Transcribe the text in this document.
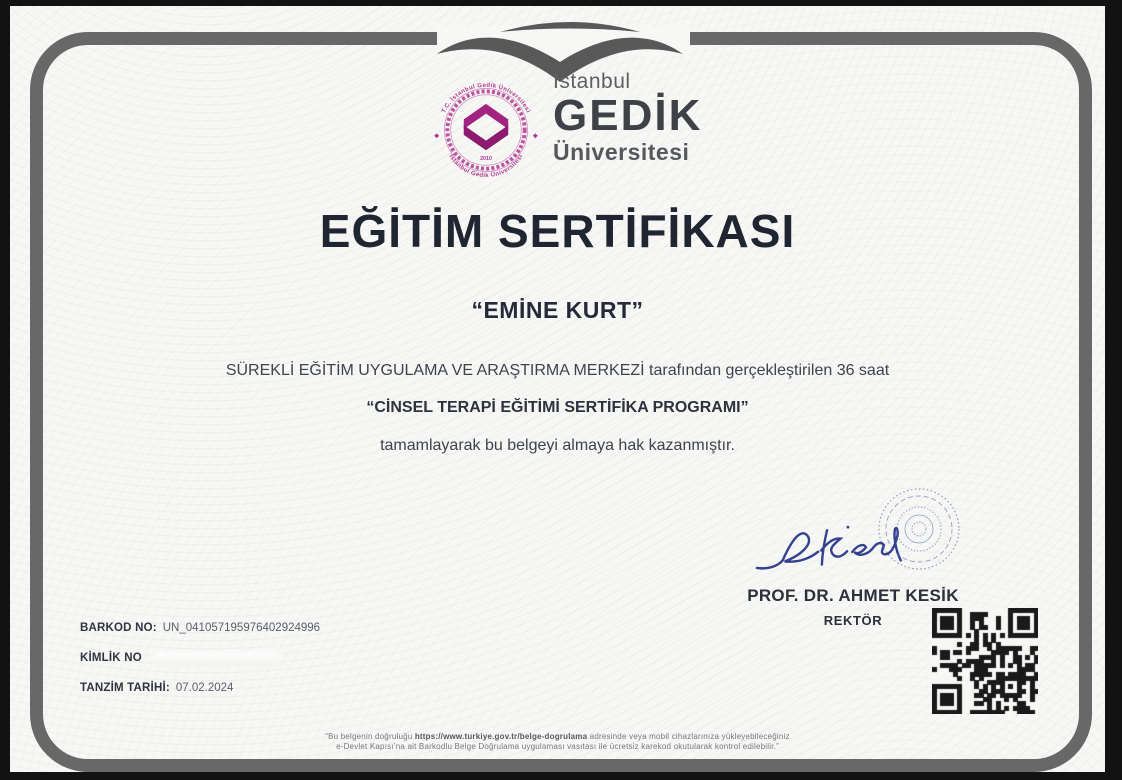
T.C. İstanbul Gedik Üniversitesi
İstanbul Gedik Üniversitesi
2010
İstanbul
GEDİK
Üniversitesi
EĞİTİM SERTİFİKASI
“EMİNE KURT”

SÜREKLİ EĞİTİM UYGULAMA VE ARAŞTIRMA MERKEZİ tarafından gerçekleştirilen 36 saat

“CİNSEL TERAPİ EĞİTİMİ SERTİFİKA PROGRAMI”

tamamlayarak bu belgeyi almaya hak kazanmıştır.

PROF. DR. AHMET KESİK
REKTÖR
BARKOD NO: UN_041057195976402924996
KİMLİK NO
TANZİM TARİHİ: 07.02.2024
“Bu belgenin doğruluğu https://www.turkiye.gov.tr/belge-dogrulama adresinde veya mobil cihazlarınıza yükleyebileceğiniz
e-Devlet Kapısı’na ait Barkodlu Belge Doğrulama uygulaması vasıtası ile ücretsiz karekod okutularak kontrol edilebilir.”
